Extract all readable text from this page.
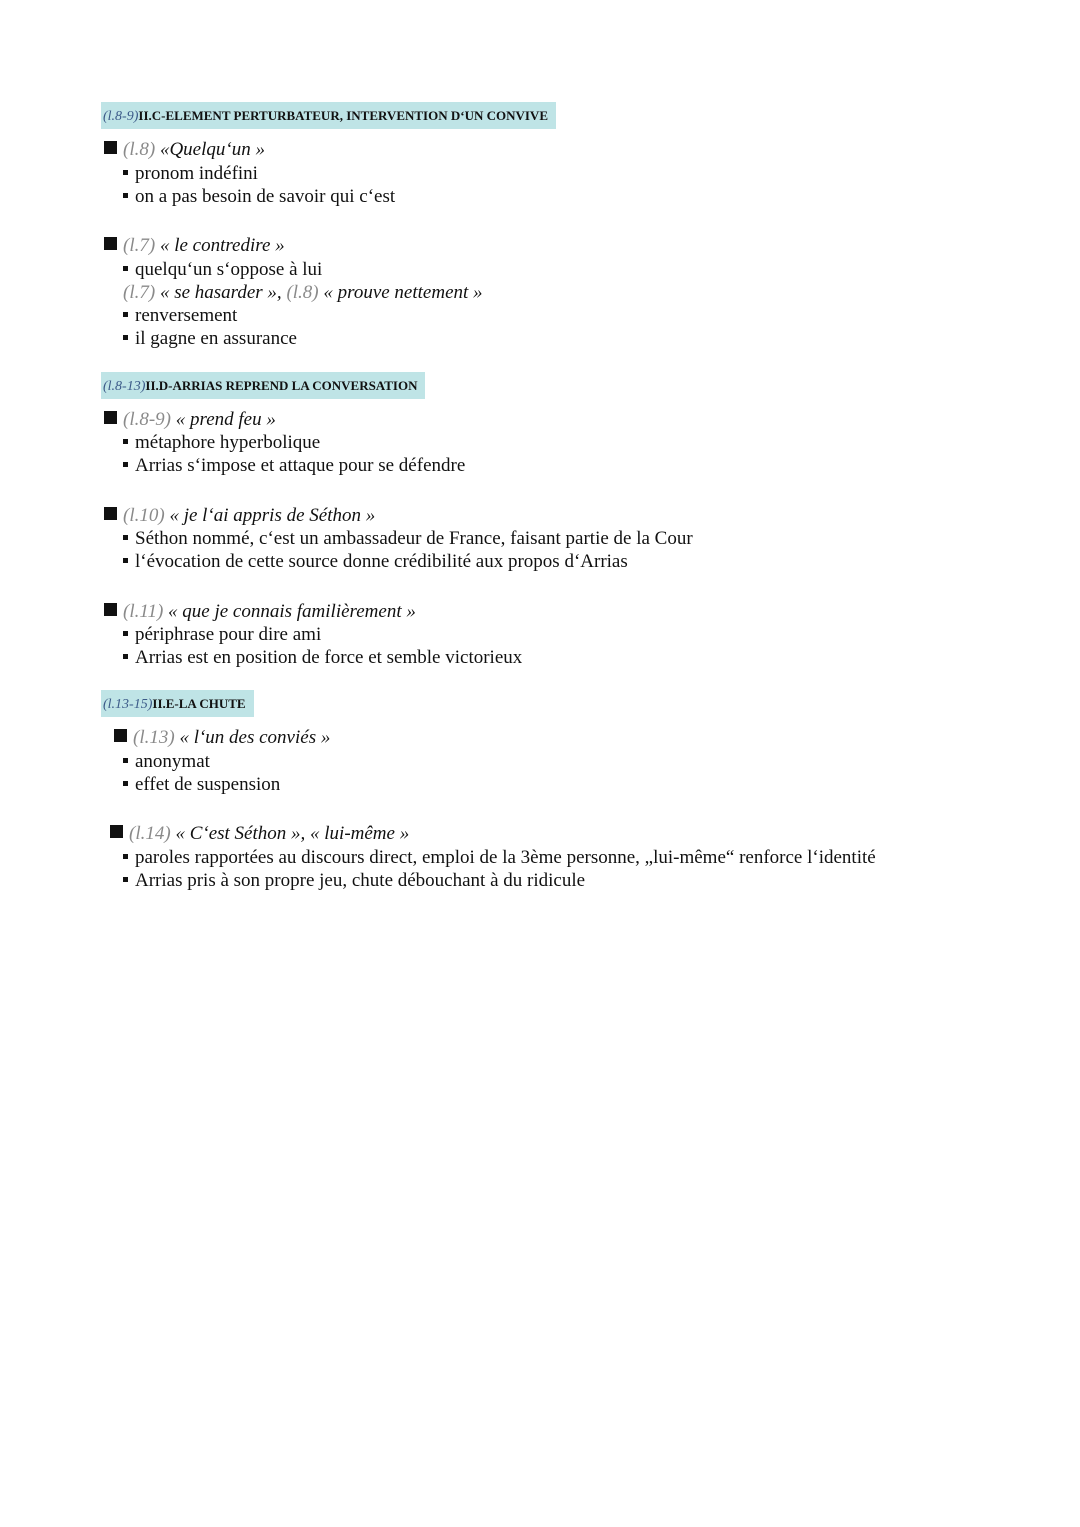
(l.8-9)II.C-ELEMENT PERTURBATEUR, INTERVENTION D‘UN CONVIVE
(l.8) «Quelqu‘un »
pronom indéfini
on a pas besoin de savoir qui c‘est
(l.7) « le contredire »
quelqu‘un s‘oppose à lui
(l.7) « se hasarder », (l.8) « prouve nettement »
renversement
il gagne en assurance
(l.8-13)II.D-ARRIAS REPREND LA CONVERSATION
(l.8-9) « prend feu »
métaphore hyperbolique
Arrias s‘impose et attaque pour se défendre
(l.10) « je l‘ai appris de Séthon »
Séthon nommé, c‘est un ambassadeur de France, faisant partie de la Cour
l‘évocation de cette source donne crédibilité aux propos d‘Arrias
(l.11) « que je connais familièrement »
périphrase pour dire ami
Arrias est en position de force et semble victorieux
(l.13-15)II.E-LA CHUTE
(l.13) « l‘un des conviés »
anonymat
effet de suspension
(l.14) « C‘est Séthon », « lui-même »
paroles rapportées au discours direct, emploi de la 3ème personne, „lui-même“ renforce l‘identité
Arrias pris à son propre jeu, chute débouchant à du ridicule
